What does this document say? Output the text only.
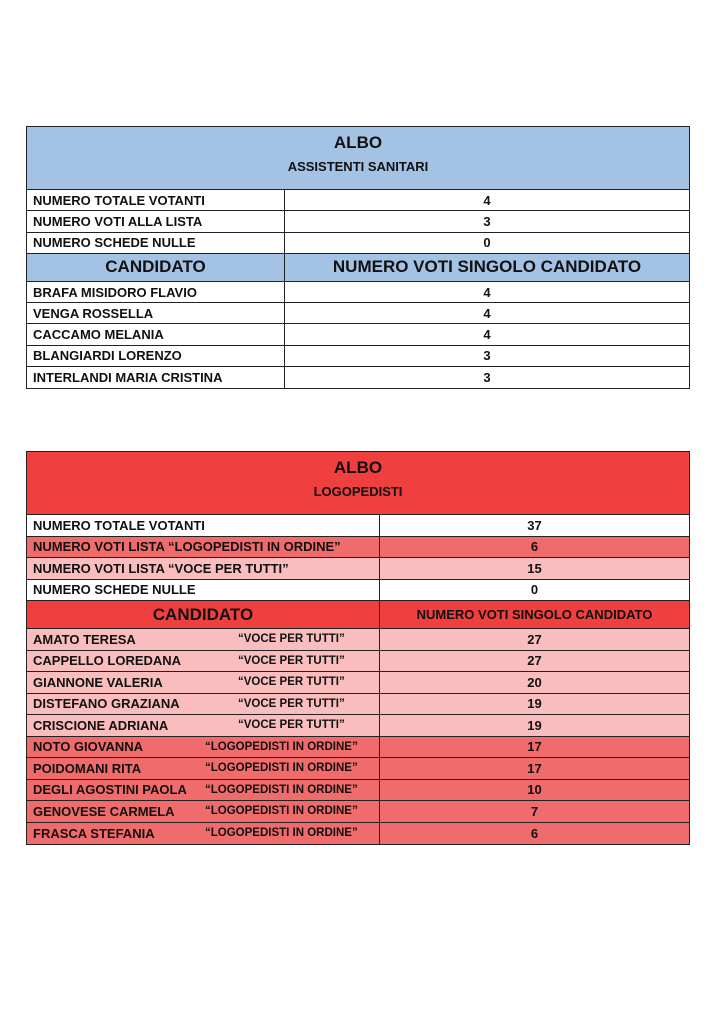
ALBO
ASSISTENTI SANITARI
NUMERO TOTALE VOTANTI	4
NUMERO VOTI ALLA LISTA	3
NUMERO SCHEDE NULLE	0
CANDIDATO	NUMERO VOTI SINGOLO CANDIDATO
BRAFA MISIDORO FLAVIO	4
VENGA ROSSELLA	4
CACCAMO MELANIA	4
BLANGIARDI LORENZO	3
INTERLANDI MARIA CRISTINA	3
ALBO
LOGOPEDISTI
NUMERO TOTALE VOTANTI	37
NUMERO VOTI LISTA “LOGOPEDISTI IN ORDINE”	6
NUMERO VOTI LISTA “VOCE PER TUTTI”	15
NUMERO SCHEDE NULLE	0
CANDIDATO	NUMERO VOTI SINGOLO CANDIDATO
AMATO TERESA	“VOCE PER TUTTI”	27
CAPPELLO LOREDANA	“VOCE PER TUTTI”	27
GIANNONE VALERIA	“VOCE PER TUTTI”	20
DISTEFANO GRAZIANA	“VOCE PER TUTTI”	19
CRISCIONE ADRIANA	“VOCE PER TUTTI”	19
NOTO GIOVANNA	“LOGOPEDISTI IN ORDINE”	17
POIDOMANI RITA	“LOGOPEDISTI IN ORDINE”	17
DEGLI AGOSTINI PAOLA	“LOGOPEDISTI IN ORDINE”	10
GENOVESE CARMELA	“LOGOPEDISTI IN ORDINE”	7
FRASCA STEFANIA	“LOGOPEDISTI IN ORDINE”	6
